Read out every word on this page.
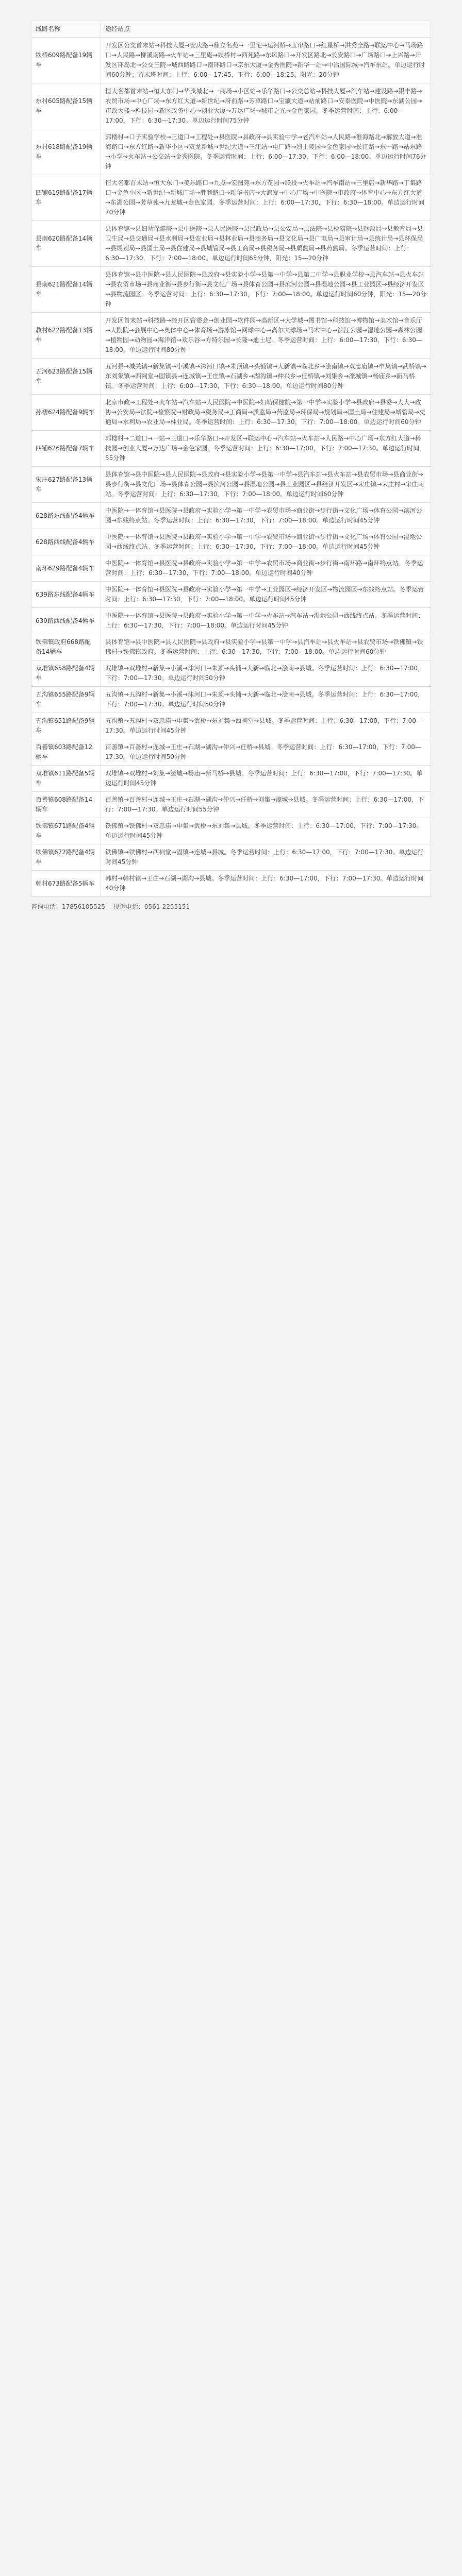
线路名称	途经站点
铁桥609路配备19辆车	开发区公交首末站→科技大厦→安庆路→鼎立名苑→一里宅→运河桥→玉帘路口→红星桥→洪秀全路→联运中心→马场路口→人民路→柳溪南路→火车站→三里庵→铁桥村→西苑路→东风路口→开发区路北→长安路口→广场路口→上兴路→开发区环岛北→公交三院→城西路路口→南环路口→京东大厦→金秀医院→新华一站→中冶国际城→汽车东站。单边运行时间60分钟；首末班时间：上行：6:00—17:45，下行：6:00—18:25，阳光：20分钟
东村605路配备15辆车	恒大名都首末站→恒大东门→华茂城北→一商场→小区站→乐华路口→公交总站→科技大厦→汽车站→建设路→银丰路→农贸市场→中心广场→东方红大道→新世纪→府前路→芳草路口→宝瀛大道→站前路口→安泰医院→中医院→东湖公园→市政大楼→科技园→新区政务中心→创业大厦→万达广场→城市之光→金色家园。冬季运营时间：上行：6:00—17:00，下行：6:30—17:30。单边运行时间75分钟
东村618路配备19辆车	郭楼村→口子实验学校→三道口→工程处→县医院→县政府→县实验中学→老汽车站→人民路→淮海路北→解放大道→淮海路口→东方红路→新华小区→双龙新城→世纪大道→三江站→电厂路→烈士陵园→金色家园→长江路→东一路→站东路→小学→火车站→公交站→金秀医院。冬季运营时间：上行：6:00—17:30，下行：6:00—18:00。单边运行时间76分钟
四铺619路配备17辆车	恒大名都首末站→恒大东门→美乐路口→九点→宏图苑→东方花园→联投→火车站→汽车南站→三里店→新华路→丁集路口→金色小区→新世纪→新城广场→胜利路口→新华书店→大润发→中心广场→中医院→市政府→体育中心→东方红大道→东湖公园→芳草苑→九龙城→金色家园。冬季运营时间：上行：6:00—17:30，下行：6:30—18:00。单边运行时间70分钟
县南620路配备14辆车	县体育馆→县妇幼保健院→县中医院→县人民医院→县民政局→县公安局→县法院→县检察院→县财政局→县教育局→县卫生局→县交通局→县水利局→县农业局→县林业局→县商务局→县文化局→县广电局→县审计局→县统计局→县环保局→县规划局→县国土局→县住建局→县城管局→县工商局→县税务局→县质监局→县药监局。冬季运营时间：上行：6:30—17:30，下行：7:00—18:00。单边运行时间65分钟，阳光：15—20分钟
县南621路配备14辆车	县体育馆→县中医院→县人民医院→县政府→县实验小学→县第一中学→县第二中学→县职业学校→县汽车站→县火车站→县农贸市场→县商业街→县步行街→县文化广场→县体育公园→县滨河公园→县湿地公园→县工业园区→县经济开发区→县物流园区。冬季运营时间：上行：6:30—17:30，下行：7:00—18:00。单边运行时间60分钟，阳光：15—20分钟
教村622路配备13辆车	开发区首末站→科技路→经开区管委会→创业园→软件园→高新区→大学城→图书馆→科技馆→博物馆→美术馆→音乐厅→大剧院→会展中心→奥体中心→体育场→游泳馆→网球中心→高尔夫球场→马术中心→滨江公园→湿地公园→森林公园→植物园→动物园→海洋馆→欢乐谷→方特乐园→长隆→迪士尼。冬季运营时间：上行：6:00—17:30，下行：6:30—18:00。单边运行时间80分钟
五河623路配备15辆车	五河县→城关镇→新集镇→小溪镇→沫河口镇→朱顶镇→头铺镇→大新镇→临北乡→浍南镇→双忠庙镇→申集镇→武桥镇→东刘集镇→西祠堂→固镇县→连城镇→王庄镇→石湖乡→湖沟镇→仲兴乡→任桥镇→刘集乡→濠城镇→杨庙乡→新马桥镇。冬季运营时间：上行：6:00—17:30，下行：6:30—18:00。单边运行时间80分钟
孙楼624路配备9辆车	北京市政→工程处→火车站→汽车站→人民医院→中医院→妇幼保健院→第一中学→实验小学→县政府→县委→人大→政协→公安局→法院→检察院→财政局→税务局→工商局→质监局→药监局→环保局→规划局→国土局→住建局→城管局→交通局→水利局→农业局→林业局。冬季运营时间：上行：6:30—17:30，下行：7:00—18:00。单边运行时间60分钟
四铺626路配备7辆车	郭楼村→二道口→一站→三道口→乐华路口→开发区→联运中心→汽车站→火车站→人民路→中心广场→东方红大道→科技园→创业大厦→万达广场→金色家园。冬季运营时间：上行：6:30—17:00，下行：7:00—17:30。单边运行时间55分钟
宋庄627路配备13辆车	县体育馆→县中医院→县人民医院→县政府→县实验小学→县第一中学→县汽车站→县火车站→县农贸市场→县商业街→县步行街→县文化广场→县体育公园→县滨河公园→县湿地公园→县工业园区→县经济开发区→宋庄镇→宋庄村→宋庄南站。冬季运营时间：上行：6:30—17:30，下行：7:00—18:00。单边运行时间60分钟
628路东线配备4辆车	中医院→一体育馆→县医院→县政府→实验小学→第一中学→农贸市场→商业街→步行街→文化广场→体育公园→滨河公园→东线终点站。冬季运营时间：上行：6:30—17:30，下行：7:00—18:00。单边运行时间45分钟
628路西线配备4辆车	中医院→一体育馆→县医院→县政府→实验小学→第一中学→农贸市场→商业街→步行街→文化广场→体育公园→湿地公园→西线终点站。冬季运营时间：上行：6:30—17:30，下行：7:00—18:00。单边运行时间45分钟
南环629路配备4辆车	中医院→一体育馆→县医院→县政府→实验小学→第一中学→农贸市场→商业街→步行街→南环路→南环终点站。冬季运营时间：上行：6:30—17:30，下行：7:00—18:00。单边运行时间40分钟
639路东线配备4辆车	中医院→一体育馆→县医院→县政府→实验小学→第一中学→工业园区→经济开发区→物流园区→东线终点站。冬季运营时间：上行：6:30—17:30，下行：7:00—18:00。单边运行时间45分钟
639路西线配备4辆车	中医院→一体育馆→县医院→县政府→实验小学→第一中学→火车站→汽车站→湿地公园→西线终点站。冬季运营时间：上行：6:30—17:30，下行：7:00—18:00。单边运行时间45分钟
铁佛镇政府668路配备14辆车	县体育馆→县中医院→县人民医院→县政府→县实验小学→县第一中学→县汽车站→县火车站→县农贸市场→铁佛镇→铁佛村→铁佛镇政府。冬季运营时间：上行：6:30—17:30，下行：7:00—18:00。单边运行时间60分钟
双堆镇658路配备4辆车	双堆镇→双堆村→新集→小溪→沫河口→朱顶→头铺→大新→临北→浍南→县城。冬季运营时间：上行：6:30—17:00，下行：7:00—17:30。单边运行时间50分钟
五沟镇655路配备9辆车	五沟镇→五沟村→新集→小溪→沫河口→朱顶→头铺→大新→临北→浍南→县城。冬季运营时间：上行：6:30—17:00，下行：7:00—17:30。单边运行时间50分钟
五沟镇651路配备9辆车	五沟镇→五沟村→双忠庙→申集→武桥→东刘集→西祠堂→县城。冬季运营时间：上行：6:30—17:00，下行：7:00—17:30。单边运行时间45分钟
百善镇603路配备12辆车	百善镇→百善村→连城→王庄→石湖→湖沟→仲兴→任桥→县城。冬季运营时间：上行：6:30—17:00，下行：7:00—17:30。单边运行时间50分钟
双堆镇611路配备5辆车	双堆镇→双堆村→刘集→濠城→杨庙→新马桥→县城。冬季运营时间：上行：6:30—17:00，下行：7:00—17:30。单边运行时间45分钟
百善镇608路配备14辆车	百善镇→百善村→连城→王庄→石湖→湖沟→仲兴→任桥→刘集→濠城→县城。冬季运营时间：上行：6:30—17:00，下行：7:00—17:30。单边运行时间55分钟
铁佛镇671路配备4辆车	铁佛镇→铁佛村→双忠庙→申集→武桥→东刘集→县城。冬季运营时间：上行：6:30—17:00，下行：7:00—17:30。单边运行时间45分钟
铁佛镇672路配备4辆车	铁佛镇→铁佛村→西祠堂→固镇→连城→县城。冬季运营时间：上行：6:30—17:00，下行：7:00—17:30。单边运行时间45分钟
韩村673路配备5辆车	韩村→韩村镇→王庄→石湖→湖沟→县城。冬季运营时间：上行：6:30—17:00，下行：7:00—17:30。单边运行时间40分钟
咨询电话：17856105525 投诉电话：0561-2255151
